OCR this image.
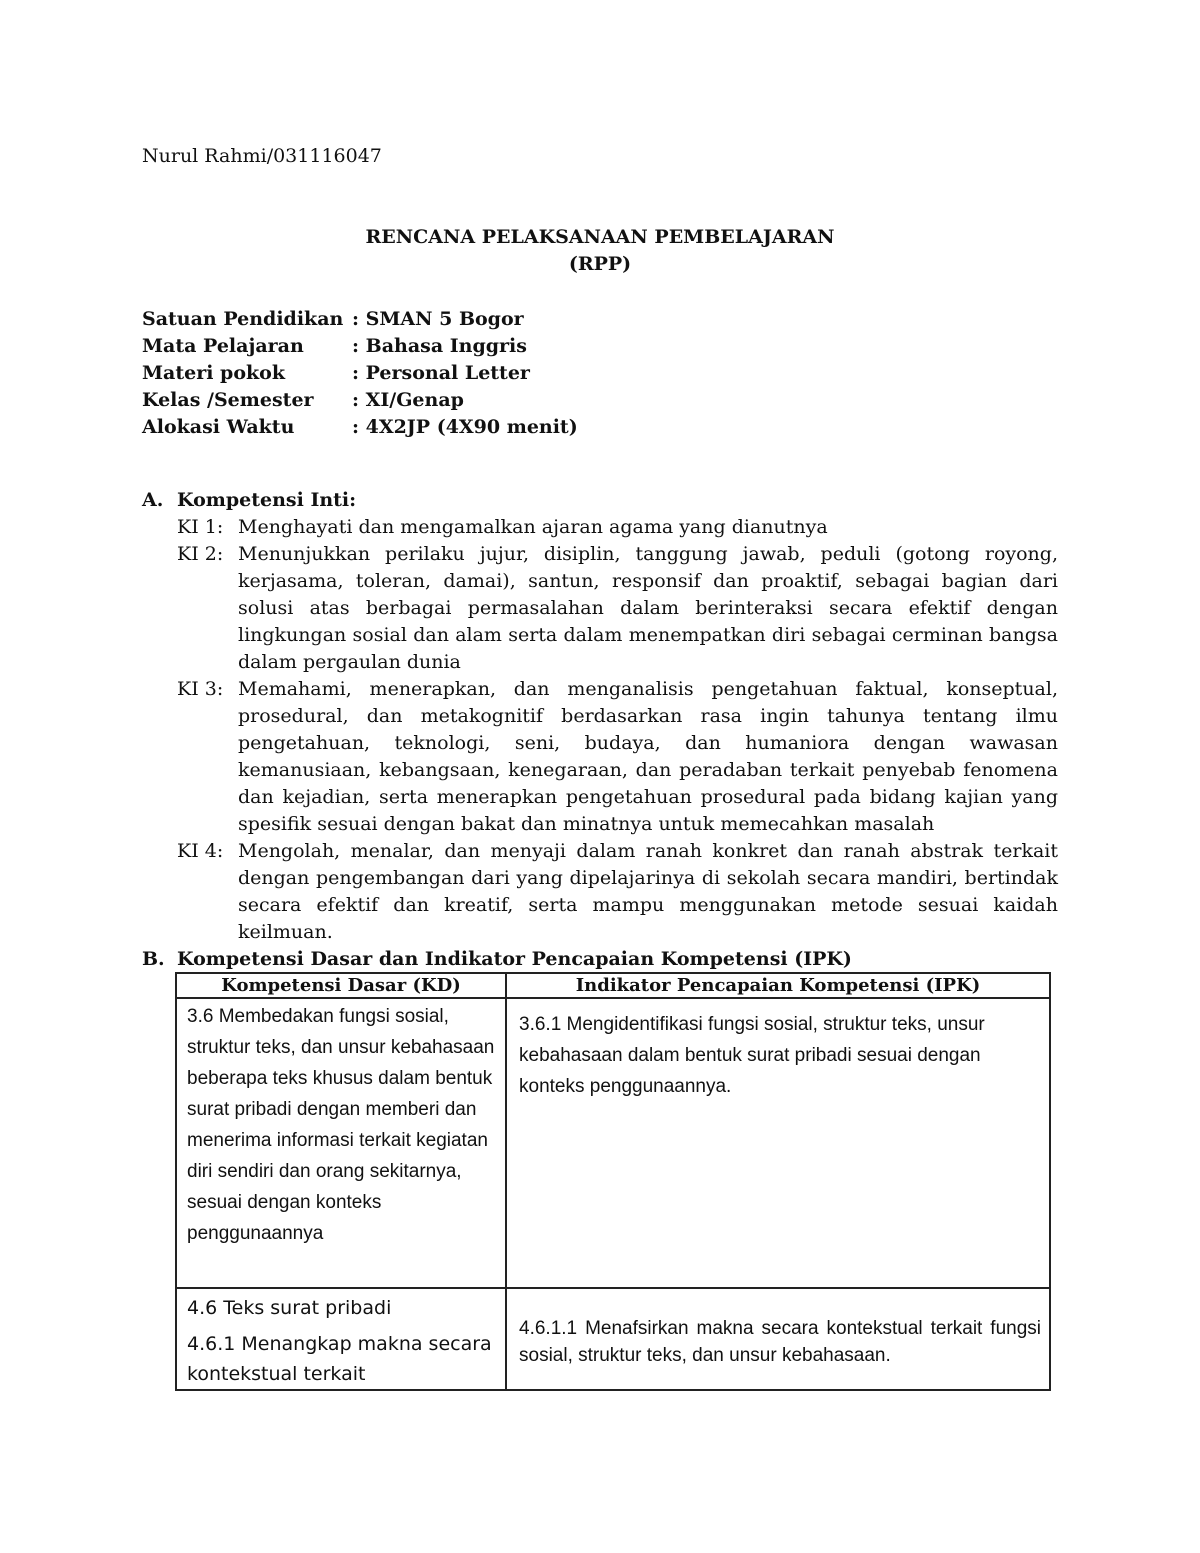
Nurul Rahmi/031116047
RENCANA PELAKSANAAN PEMBELAJARAN
(RPP)
Satuan Pendidikan : SMAN 5 Bogor
Mata Pelajaran	: Bahasa Inggris
Materi pokok	: Personal Letter
Kelas /Semester	: XI/Genap
Alokasi Waktu	: 4X2JP (4X90 menit)
A. Kompetensi Inti:
KI 1: Menghayati dan mengamalkan ajaran agama yang dianutnya
KI 2: Menunjukkan perilaku jujur, disiplin, tanggung jawab, peduli (gotong royong, kerjasama, toleran, damai), santun, responsif dan proaktif, sebagai bagian dari solusi atas berbagai permasalahan dalam berinteraksi secara efektif dengan lingkungan sosial dan alam serta dalam menempatkan diri sebagai cerminan bangsa dalam pergaulan dunia
KI 3: Memahami, menerapkan, dan menganalisis pengetahuan faktual, konseptual, prosedural, dan metakognitif berdasarkan rasa ingin tahunya tentang ilmu pengetahuan, teknologi, seni, budaya, dan humaniora dengan wawasan kemanusiaan, kebangsaan, kenegaraan, dan peradaban terkait penyebab fenomena dan kejadian, serta menerapkan pengetahuan prosedural pada bidang kajian yang spesifik sesuai dengan bakat dan minatnya untuk memecahkan masalah
KI 4: Mengolah, menalar, dan menyaji dalam ranah konkret dan ranah abstrak terkait dengan pengembangan dari yang dipelajarinya di sekolah secara mandiri, bertindak secara efektif dan kreatif, serta mampu menggunakan metode sesuai kaidah keilmuan.
B. Kompetensi Dasar dan Indikator Pencapaian Kompetensi (IPK)
Kompetensi Dasar (KD)	Indikator Pencapaian Kompetensi (IPK)
3.6 Membedakan fungsi sosial, struktur teks, dan unsur kebahasaan beberapa teks khusus dalam bentuk surat pribadi dengan memberi dan menerima informasi terkait kegiatan diri sendiri dan orang sekitarnya, sesuai dengan konteks penggunaannya	3.6.1 Mengidentifikasi fungsi sosial, struktur teks, unsur kebahasaan dalam bentuk surat pribadi sesuai dengan konteks penggunaannya.

4.6 Teks surat pribadi
4.6.1 Menangkap makna secara kontekstual terkait	4.6.1.1 Menafsirkan makna secara kontekstual terkait fungsi sosial, struktur teks, dan unsur kebahasaan.
